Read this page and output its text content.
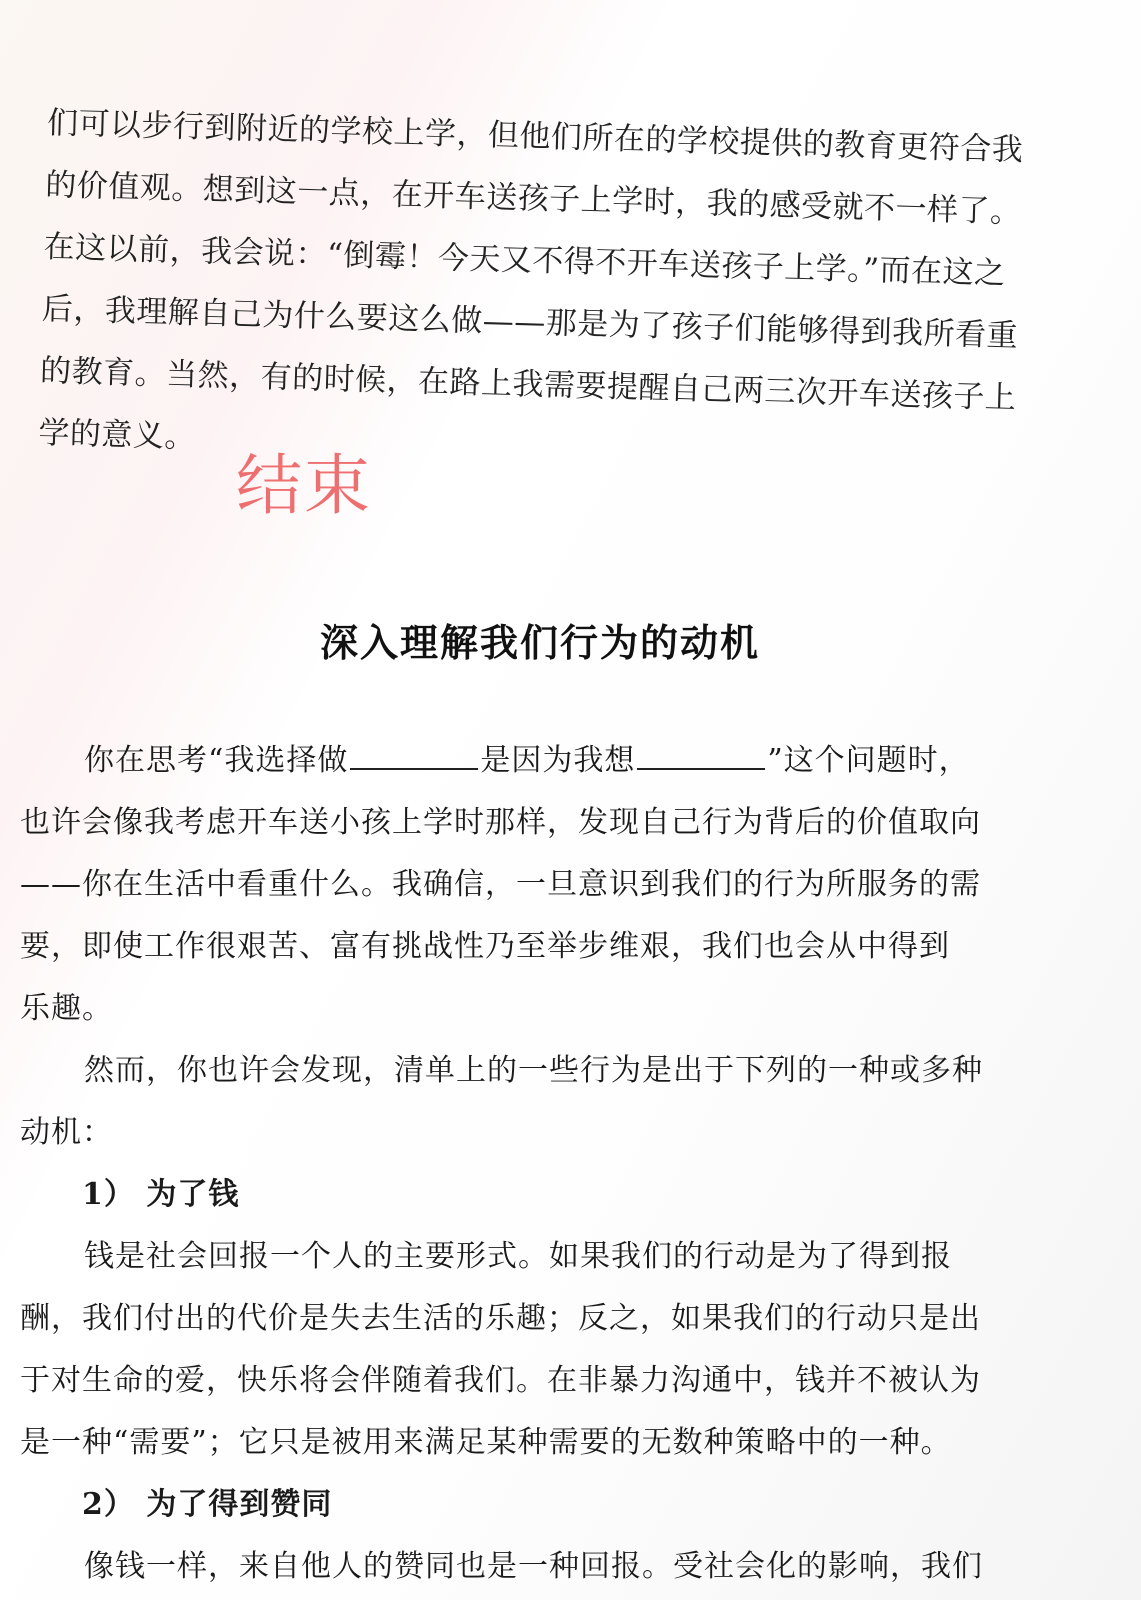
们可以步行到附近的学校上学，但他们所在的学校提供的教育更符合我
的价值观。想到这一点，在开车送孩子上学时，我的感受就不一样了。
在这以前，我会说：“倒霉！今天又不得不开车送孩子上学。”而在这之
后，我理解自己为什么要这么做——那是为了孩子们能够得到我所看重
的教育。当然，有的时候，在路上我需要提醒自己两三次开车送孩子上
学的意义。
结束
深入理解我们行为的动机
你在思考“我选择做	是因为我想	”这个问题时，
也许会像我考虑开车送小孩上学时那样，发现自己行为背后的价值取向
——你在生活中看重什么。我确信，一旦意识到我们的行为所服务的需
要，即使工作很艰苦、富有挑战性乃至举步维艰，我们也会从中得到
乐趣。
然而，你也许会发现，清单上的一些行为是出于下列的一种或多种
动机：
1） 为了钱
钱是社会回报一个人的主要形式。如果我们的行动是为了得到报
酬，我们付出的代价是失去生活的乐趣；反之，如果我们的行动只是出
于对生命的爱，快乐将会伴随着我们。在非暴力沟通中，钱并不被认为
是一种“需要”；它只是被用来满足某种需要的无数种策略中的一种。
2） 为了得到赞同
像钱一样，来自他人的赞同也是一种回报。受社会化的影响，我们
